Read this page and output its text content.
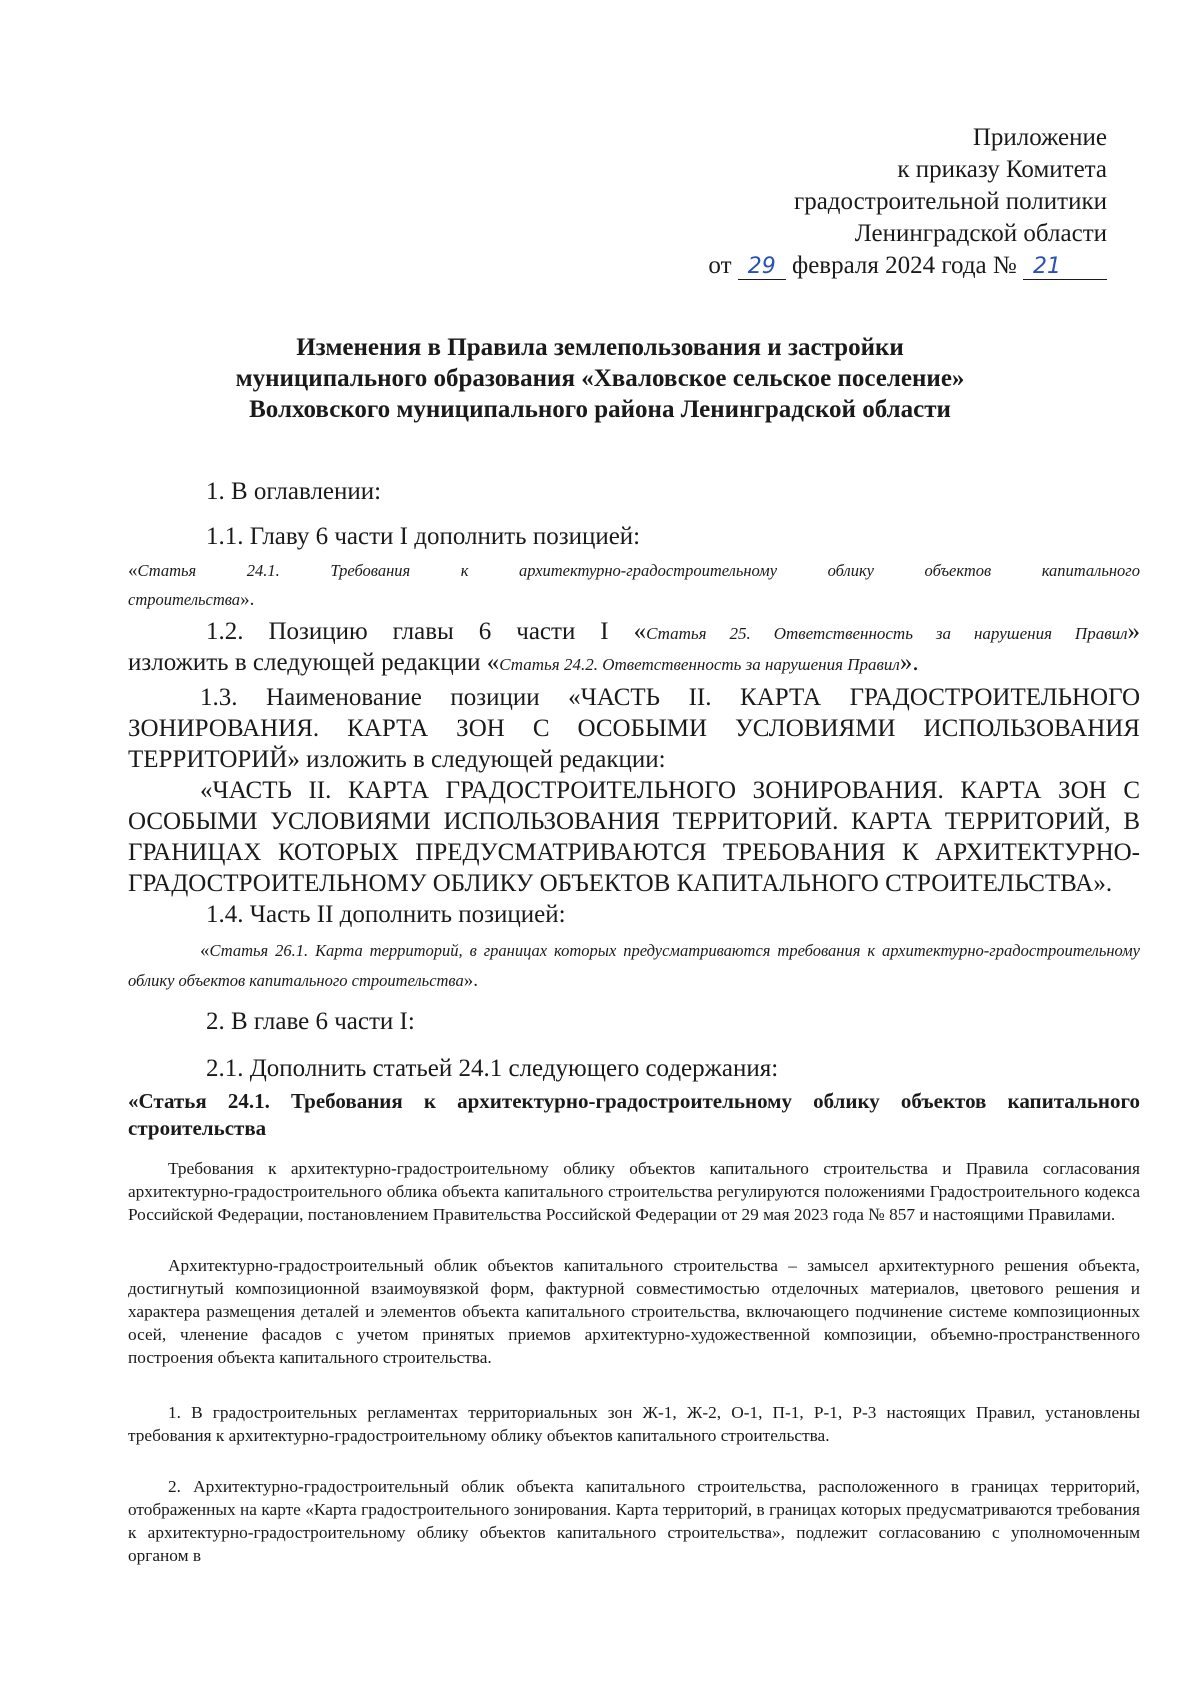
Приложение
к приказу Комитета
градостроительной политики
Ленинградской области
от 29 февраля 2024 года № 21
Изменения в Правила землепользования и застройки
муниципального образования «Хваловское сельское поселение»
Волховского муниципального района Ленинградской области

1. В оглавлении:

1.1. Главу 6 части I дополнить позицией:

«Статья 24.1. Требования к архитектурно-градостроительному облику объектов капитального

строительства».

1.2. Позицию главы 6 части I «Статья 25. Ответственность за нарушения Правил»

изложить в следующей редакции «Статья 24.2. Ответственность за нарушения Правил».

1.3. Наименование позиции «ЧАСТЬ II. КАРТА ГРАДОСТРОИТЕЛЬНОГО ЗОНИРОВАНИЯ. КАРТА ЗОН С ОСОБЫМИ УСЛОВИЯМИ ИСПОЛЬЗОВАНИЯ ТЕРРИТОРИЙ» изложить в следующей редакции:

«ЧАСТЬ II. КАРТА ГРАДОСТРОИТЕЛЬНОГО ЗОНИРОВАНИЯ. КАРТА ЗОН С ОСОБЫМИ УСЛОВИЯМИ ИСПОЛЬЗОВАНИЯ ТЕРРИТОРИЙ. КАРТА ТЕРРИТОРИЙ, В ГРАНИЦАХ КОТОРЫХ ПРЕДУСМАТРИВАЮТСЯ ТРЕБОВАНИЯ К АРХИТЕКТУРНО-ГРАДОСТРОИТЕЛЬНОМУ ОБЛИКУ ОБЪЕКТОВ КАПИТАЛЬНОГО СТРОИТЕЛЬСТВА».

1.4. Часть II дополнить позицией:

«Статья 26.1. Карта территорий, в границах которых предусматриваются требования к архитектурно-градостроительному облику объектов капитального строительства».

2. В главе 6 части I:

2.1. Дополнить статьей 24.1 следующего содержания:

«Статья 24.1. Требования к архитектурно-градостроительному облику объектов капитального строительства

Требования к архитектурно-градостроительному облику объектов капитального строительства и Правила согласования архитектурно-градостроительного облика объекта капитального строительства регулируются положениями Градостроительного кодекса Российской Федерации, постановлением Правительства Российской Федерации от 29 мая 2023 года № 857 и настоящими Правилами.

Архитектурно-градостроительный облик объектов капитального строительства – замысел архитектурного решения объекта, достигнутый композиционной взаимоувязкой форм, фактурной совместимостью отделочных материалов, цветового решения и характера размещения деталей и элементов объекта капитального строительства, включающего подчинение системе композиционных осей, членение фасадов с учетом принятых приемов архитектурно-художественной композиции, объемно-пространственного построения объекта капитального строительства.

1. В градостроительных регламентах территориальных зон Ж-1, Ж-2, О-1, П-1, Р-1, Р-3 настоящих Правил, установлены требования к архитектурно-градостроительному облику объектов капитального строительства.

2. Архитектурно-градостроительный облик объекта капитального строительства, расположенного в границах территорий, отображенных на карте «Карта градостроительного зонирования. Карта территорий, в границах которых предусматриваются требования к архитектурно-градостроительному облику объектов капитального строительства», подлежит согласованию с уполномоченным органом в
